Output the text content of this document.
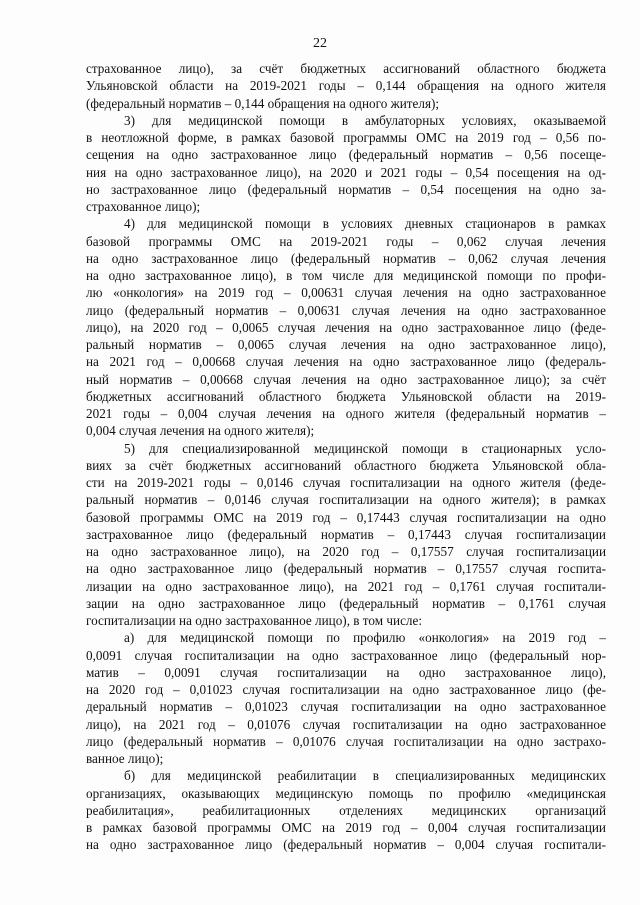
22
страхованное лицо), за счёт бюджетных ассигнований областного бюджета
Ульяновской области на 2019-2021 годы – 0,144 обращения на одного жителя
(федеральный норматив – 0,144 обращения на одного жителя);
3) для медицинской помощи в амбулаторных условиях, оказываемой
в неотложной форме, в рамках базовой программы ОМС на 2019 год – 0,56 по-
сещения на одно застрахованное лицо (федеральный норматив – 0,56 посеще-
ния на одно застрахованное лицо), на 2020 и 2021 годы – 0,54 посещения на од-
но застрахованное лицо (федеральный норматив – 0,54 посещения на одно за-
страхованное лицо);
4) для медицинской помощи в условиях дневных стационаров в рамках
базовой программы ОМС на 2019-2021 годы – 0,062 случая лечения
на одно застрахованное лицо (федеральный норматив – 0,062 случая лечения
на одно застрахованное лицо), в том числе для медицинской помощи по профи-
лю «онкология» на 2019 год – 0,00631 случая лечения на одно застрахованное
лицо (федеральный норматив – 0,00631 случая лечения на одно застрахованное
лицо), на 2020 год – 0,0065 случая лечения на одно застрахованное лицо (феде-
ральный норматив – 0,0065 случая лечения на одно застрахованное лицо),
на 2021 год – 0,00668 случая лечения на одно застрахованное лицо (федераль-
ный норматив – 0,00668 случая лечения на одно застрахованное лицо); за счёт
бюджетных ассигнований областного бюджета Ульяновской области на 2019-
2021 годы – 0,004 случая лечения на одного жителя (федеральный норматив –
0,004 случая лечения на одного жителя);
5) для специализированной медицинской помощи в стационарных усло-
виях за счёт бюджетных ассигнований областного бюджета Ульяновской обла-
сти на 2019-2021 годы – 0,0146 случая госпитализации на одного жителя (феде-
ральный норматив – 0,0146 случая госпитализации на одного жителя); в рамках
базовой программы ОМС на 2019 год – 0,17443 случая госпитализации на одно
застрахованное лицо (федеральный норматив – 0,17443 случая госпитализации
на одно застрахованное лицо), на 2020 год – 0,17557 случая госпитализации
на одно застрахованное лицо (федеральный норматив – 0,17557 случая госпита-
лизации на одно застрахованное лицо), на 2021 год – 0,1761 случая госпитали-
зации на одно застрахованное лицо (федеральный норматив – 0,1761 случая
госпитализации на одно застрахованное лицо), в том числе:
а) для медицинской помощи по профилю «онкология» на 2019 год –
0,0091 случая госпитализации на одно застрахованное лицо (федеральный нор-
матив – 0,0091 случая госпитализации на одно застрахованное лицо),
на 2020 год – 0,01023 случая госпитализации на одно застрахованное лицо (фе-
деральный норматив – 0,01023 случая госпитализации на одно застрахованное
лицо), на 2021 год – 0,01076 случая госпитализации на одно застрахованное
лицо (федеральный норматив – 0,01076 случая госпитализации на одно застрахо-
ванное лицо);
б) для медицинской реабилитации в специализированных медицинских
организациях, оказывающих медицинскую помощь по профилю «медицинская
реабилитация», реабилитационных отделениях медицинских организаций
в рамках базовой программы ОМС на 2019 год – 0,004 случая госпитализации
на одно застрахованное лицо (федеральный норматив – 0,004 случая госпитали-
